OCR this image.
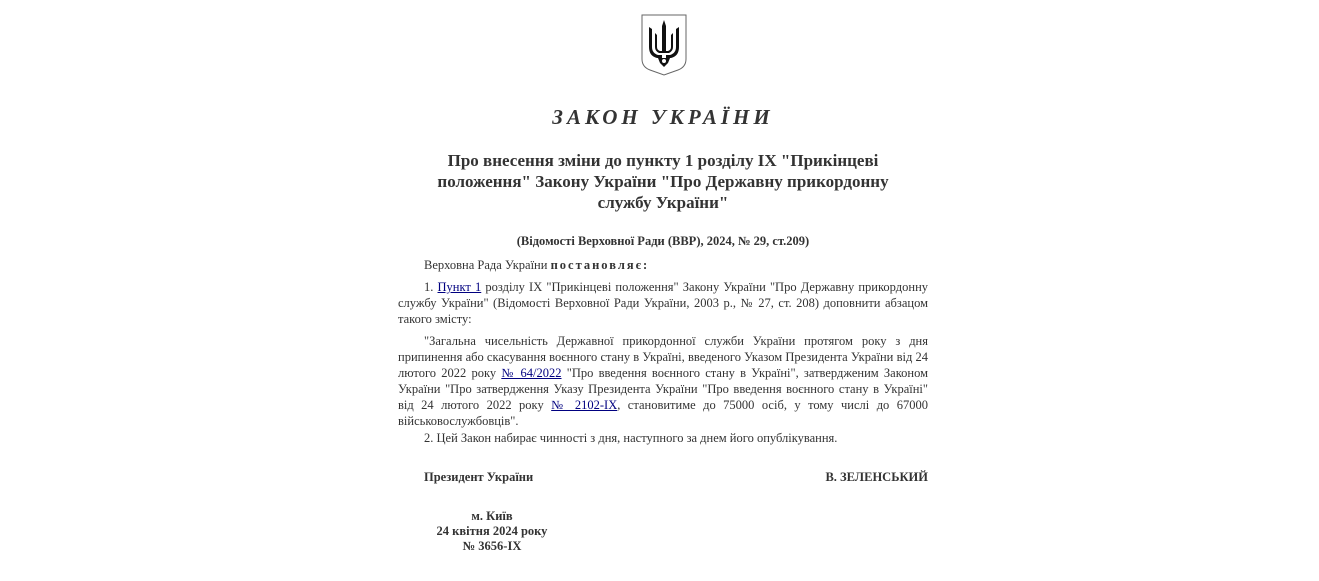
ЗАКОН УКРАЇНИ
Про внесення зміни до пункту 1 розділу IX "Прикінцеві положення" Закону України "Про Державну прикордонну службу України"
(Відомості Верховної Ради (ВВР), 2024, № 29, ст.209)
Верховна Рада України постановляє:
1. Пункт 1 розділу IX "Прикінцеві положення" Закону України "Про Державну прикордонну службу України" (Відомості Верховної Ради України, 2003 р., № 27, ст. 208) доповнити абзацом такого змісту:
"Загальна чисельність Державної прикордонної служби України протягом року з дня припинення або скасування воєнного стану в Україні, введеного Указом Президента України від 24 лютого 2022 року № 64/2022 "Про введення воєнного стану в Україні", затвердженим Законом України "Про затвердження Указу Президента України "Про введення воєнного стану в Україні" від 24 лютого 2022 року № 2102-IX, становитиме до 75000 осіб, у тому числі до 67000 військовослужбовців".
2. Цей Закон набирає чинності з дня, наступного за днем його опублікування.
Президент України	В. ЗЕЛЕНСЬКИЙ
м. Київ
24 квітня 2024 року
№ 3656-IX
